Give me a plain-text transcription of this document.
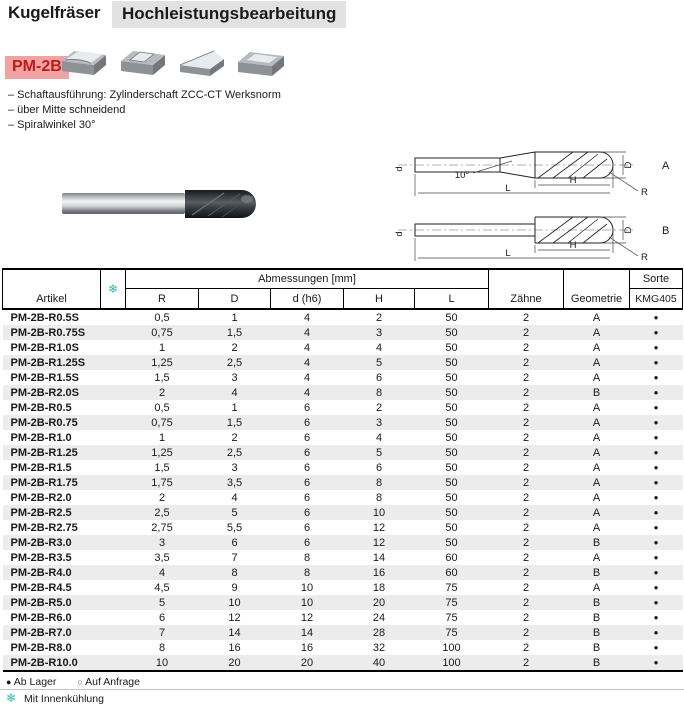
Kugelfräser	Hochleistungsbearbeitung
PM-2B
– Schaftausführung: Zylinderschaft ZCC-CT Werksnorm
– über Mitte schneidend
– Spiralwinkel 30°
d
10°	H
L
D
R
A
d
H
L
D
R
B
Artikel	❄	Abmessungen [mm]					Zähne	Geometrie	Sorte
		R	D	d (h6)	H	L			KMG405
PM-2B-R0.5S		0,5	1	4	2	50	2	A	●
PM-2B-R0.75S		0,75	1,5	4	3	50	2	A	●
PM-2B-R1.0S		1	2	4	4	50	2	A	●
PM-2B-R1.25S		1,25	2,5	4	5	50	2	A	●
PM-2B-R1.5S		1,5	3	4	6	50	2	A	●
PM-2B-R2.0S		2	4	4	8	50	2	B	●
PM-2B-R0.5		0,5	1	6	2	50	2	A	●
PM-2B-R0.75		0,75	1,5	6	3	50	2	A	●
PM-2B-R1.0		1	2	6	4	50	2	A	●
PM-2B-R1.25		1,25	2,5	6	5	50	2	A	●
PM-2B-R1.5		1,5	3	6	6	50	2	A	●
PM-2B-R1.75		1,75	3,5	6	8	50	2	A	●
PM-2B-R2.0		2	4	6	8	50	2	A	●
PM-2B-R2.5		2,5	5	6	10	50	2	A	●
PM-2B-R2.75		2,75	5,5	6	12	50	2	A	●
PM-2B-R3.0		3	6	6	12	50	2	B	●
PM-2B-R3.5		3,5	7	8	14	60	2	A	●
PM-2B-R4.0		4	8	8	16	60	2	B	●
PM-2B-R4.5		4,5	9	10	18	75	2	A	●
PM-2B-R5.0		5	10	10	20	75	2	B	●
PM-2B-R6.0		6	12	12	24	75	2	B	●
PM-2B-R7.0		7	14	14	28	75	2	B	●
PM-2B-R8.0		8	16	16	32	100	2	B	●
PM-2B-R10.0		10	20	20	40	100	2	B	●
● Ab Lager ○ Auf Anfrage
❄ Mit Innenkühlung
